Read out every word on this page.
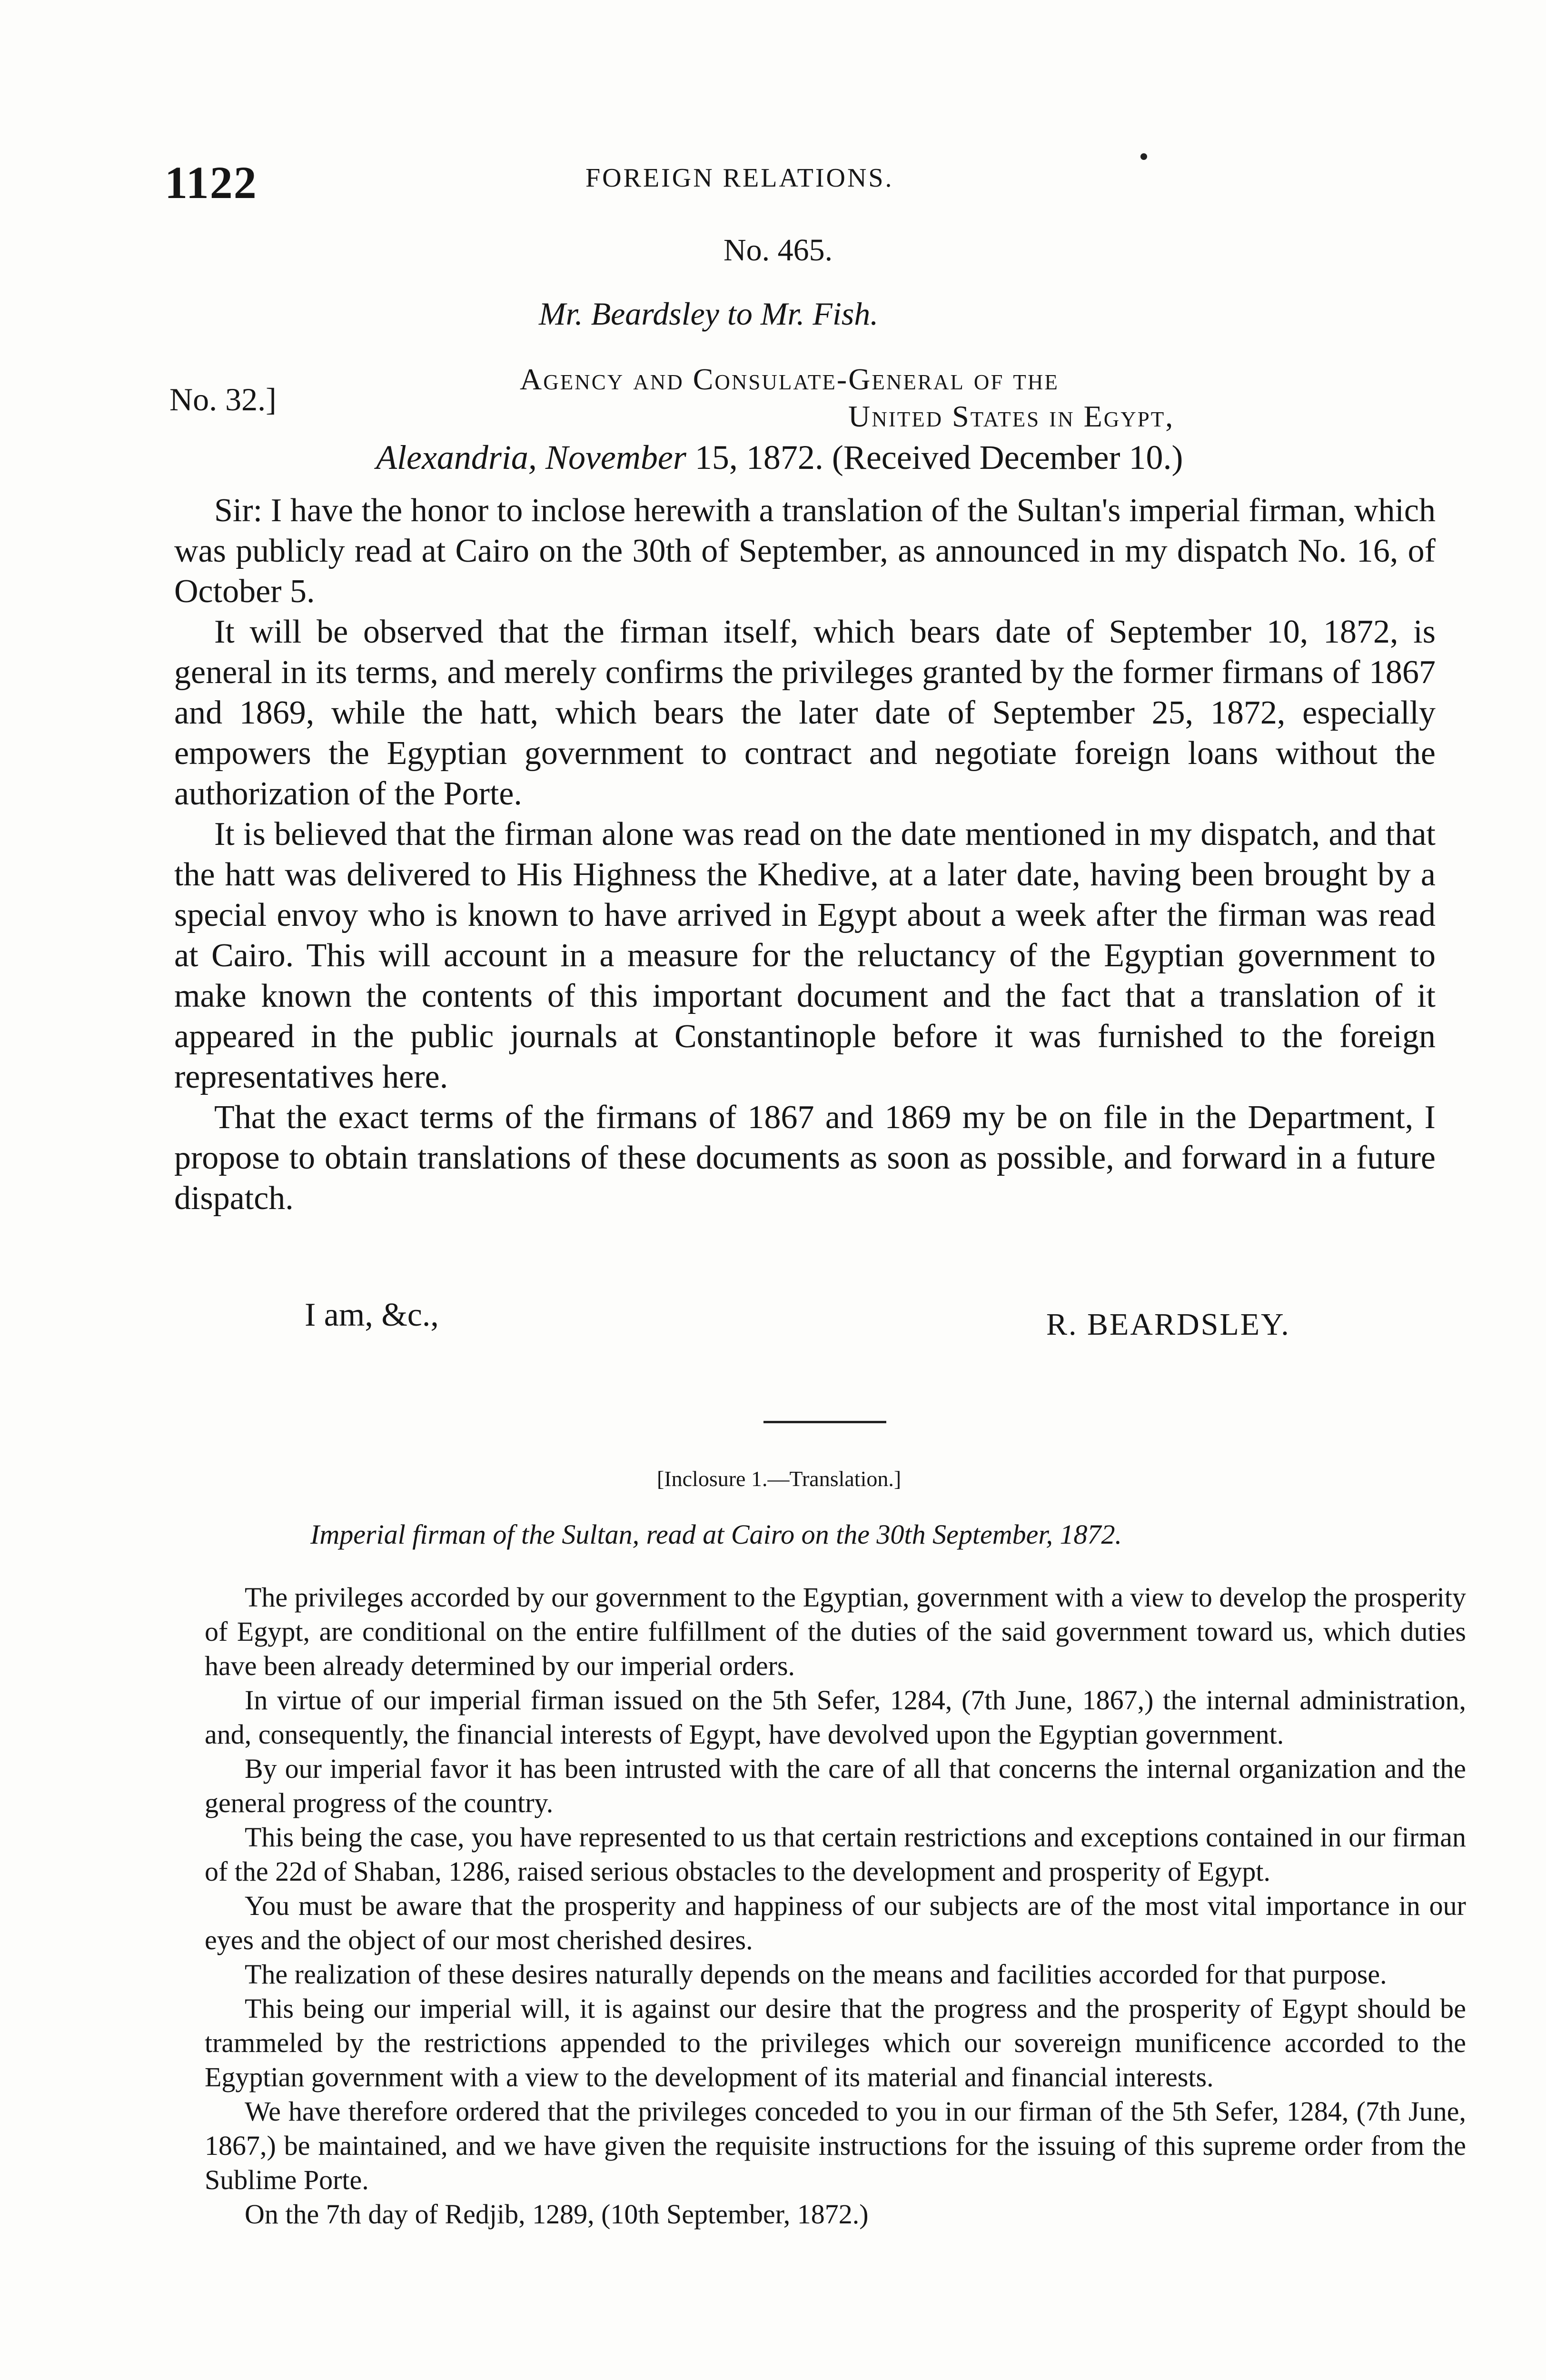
1122	FOREIGN RELATIONS.
No. 465.
Mr. Beardsley to Mr. Fish.
No. 32.]
Agency and Consulate-General of the
United States in Egypt,
Alexandria, November 15, 1872. (Received December 10.)

Sir: I have the honor to inclose herewith a translation of the Sultan's imperial firman, which was publicly read at Cairo on the 30th of September, as announced in my dispatch No. 16, of October 5.

It will be observed that the firman itself, which bears date of September 10, 1872, is general in its terms, and merely confirms the privileges granted by the former firmans of 1867 and 1869, while the hatt, which bears the later date of September 25, 1872, especially empowers the Egyptian government to contract and negotiate foreign loans without the authorization of the Porte.

It is believed that the firman alone was read on the date mentioned in my dispatch, and that the hatt was delivered to His Highness the Khedive, at a later date, having been brought by a special envoy who is known to have arrived in Egypt about a week after the firman was read at Cairo. This will account in a measure for the reluctancy of the Egyptian government to make known the contents of this important document and the fact that a translation of it appeared in the public journals at Constantinople before it was furnished to the foreign representatives here.

That the exact terms of the firmans of 1867 and 1869 my be on file in the Department, I propose to obtain translations of these documents as soon as possible, and forward in a future dispatch.

I am, &c.,	R. BEARDSLEY.
[Inclosure 1.—Translation.]
Imperial firman of the Sultan, read at Cairo on the 30th September, 1872.

The privileges accorded by our government to the Egyptian, government with a view to develop the prosperity of Egypt, are conditional on the entire fulfillment of the duties of the said government toward us, which duties have been already determined by our imperial orders.

In virtue of our imperial firman issued on the 5th Sefer, 1284, (7th June, 1867,) the internal administration, and, consequently, the financial interests of Egypt, have devolved upon the Egyptian government.

By our imperial favor it has been intrusted with the care of all that concerns the internal organization and the general progress of the country.

This being the case, you have represented to us that certain restrictions and exceptions contained in our firman of the 22d of Shaban, 1286, raised serious obstacles to the development and prosperity of Egypt.

You must be aware that the prosperity and happiness of our subjects are of the most vital importance in our eyes and the object of our most cherished desires.

The realization of these desires naturally depends on the means and facilities accorded for that purpose.

This being our imperial will, it is against our desire that the progress and the prosperity of Egypt should be trammeled by the restrictions appended to the privileges which our sovereign munificence accorded to the Egyptian government with a view to the development of its material and financial interests.

We have therefore ordered that the privileges conceded to you in our firman of the 5th Sefer, 1284, (7th June, 1867,) be maintained, and we have given the requisite instructions for the issuing of this supreme order from the Sublime Porte.

On the 7th day of Redjib, 1289, (10th September, 1872.)
